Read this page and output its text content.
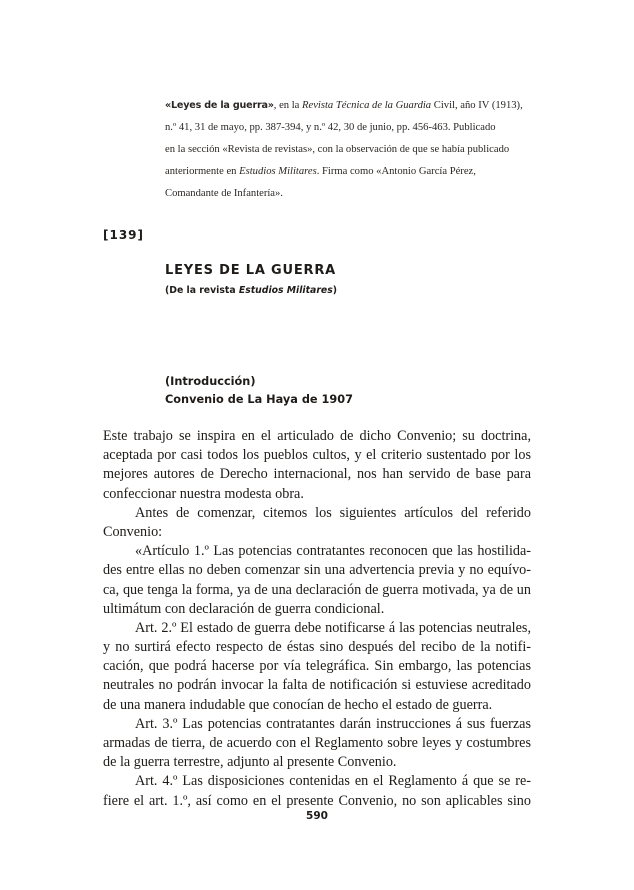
«Leyes de la guerra», en la Revista Técnica de la Guardia Civil, año IV (1913),
n.º 41, 31 de mayo, pp. 387-394, y n.º 42, 30 de junio, pp. 456-463. Publicado
en la sección «Revista de revistas», con la observación de que se había publicado
anteriormente en Estudios Militares. Firma como «Antonio García Pérez,
Comandante de Infantería».
[139]
LEYES DE LA GUERRA
(De la revista Estudios Militares)
(Introducción)
Convenio de La Haya de 1907
Este trabajo se inspira en el articulado de dicho Convenio; su doctrina,
aceptada por casi todos los pueblos cultos, y el criterio sustentado por los
mejores autores de Derecho internacional, nos han servido de base para
confeccionar nuestra modesta obra.
Antes de comenzar, citemos los siguientes artículos del referido
Convenio:
«Artículo 1.º Las potencias contratantes reconocen que las hostilida-
des entre ellas no deben comenzar sin una advertencia previa y no equívo-
ca, que tenga la forma, ya de una declaración de guerra motivada, ya de un
ultimátum con declaración de guerra condicional.
Art. 2.º El estado de guerra debe notificarse á las potencias neutrales,
y no surtirá efecto respecto de éstas sino después del recibo de la notifi-
cación, que podrá hacerse por vía telegráfica. Sin embargo, las potencias
neutrales no podrán invocar la falta de notificación si estuviese acreditado
de una manera indudable que conocían de hecho el estado de guerra.
Art. 3.º Las potencias contratantes darán instrucciones á sus fuerzas
armadas de tierra, de acuerdo con el Reglamento sobre leyes y costumbres
de la guerra terrestre, adjunto al presente Convenio.
Art. 4.º Las disposiciones contenidas en el Reglamento á que se re-
fiere el art. 1.º, así como en el presente Convenio, no son aplicables sino
590
